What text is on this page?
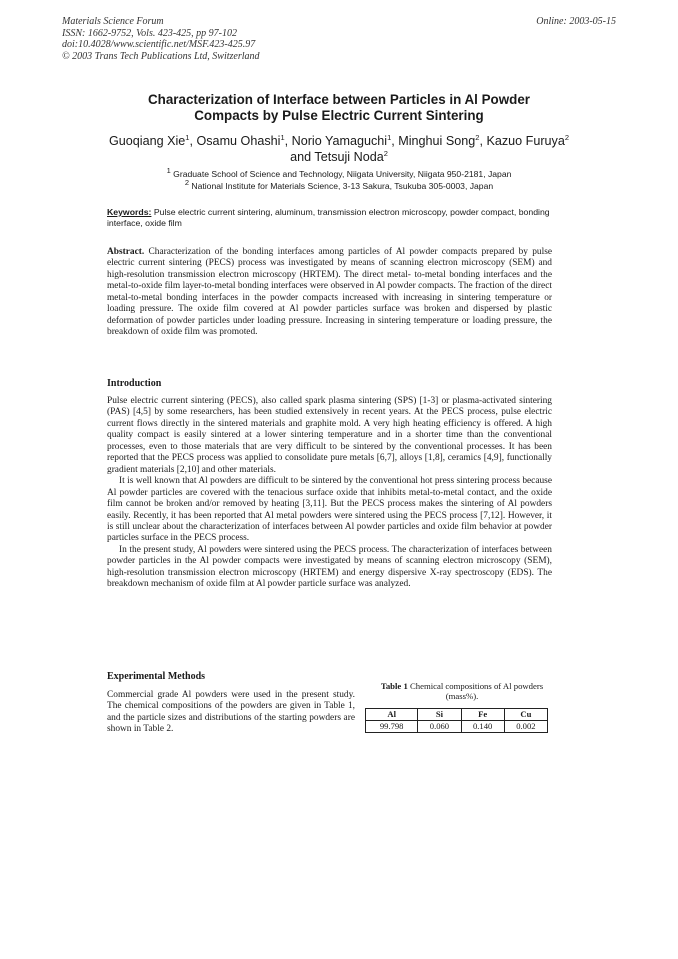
Materials Science Forum
ISSN: 1662-9752, Vols. 423-425, pp 97-102
doi:10.4028/www.scientific.net/MSF.423-425.97
© 2003 Trans Tech Publications Ltd, Switzerland
Online: 2003-05-15
Characterization of Interface between Particles in Al Powder
Compacts by Pulse Electric Current Sintering

Guoqiang Xie$^1$, Osamu Ohashi$^1$, Norio Yamaguchi$^1$, Minghui Song$^2$, Kazuo Furuya$^2$ and Tetsuji Noda$^2$

$^1$ Graduate School of Science and Technology, Niigata University, Niigata 950-2181, Japan

$^2$ National Institute for Materials Science, 3-13 Sakura, Tsukuba 305-0003, Japan

Keywords: Pulse electric current sintering, aluminum, transmission electron microscopy, powder compact, bonding interface, oxide film

Abstract. Characterization of the bonding interfaces among particles of Al powder compacts prepared by pulse electric current sintering (PECS) process was investigated by means of scanning electron microscopy (SEM) and high-resolution transmission electron microscopy (HRTEM). The direct metal- to-metal bonding interfaces and the metal-to-oxide film layer-to-metal bonding interfaces were observed in Al powder compacts. The fraction of the direct metal-to-metal bonding interfaces in the powder compacts increased with increasing in sintering temperature or loading pressure. The oxide film covered at Al powder particles surface was broken and dispersed by plastic deformation of powder particles under loading pressure. Increasing in sintering temperature or loading pressure, the breakdown of oxide film was promoted.

Introduction

Pulse electric current sintering (PECS), also called spark plasma sintering (SPS) [1-3] or plasma-activated sintering (PAS) [4,5] by some researchers, has been studied extensively in recent years. At the PECS process, pulse electric current flows directly in the sintered materials and graphite mold. A very high heating efficiency is offered. A high quality compact is easily sintered at a lower sintering temperature and in a shorter time than the conventional processes, even to those materials that are very difficult to be sintered by the conventional processes. It has been reported that the PECS process was applied to consolidate pure metals [6,7], alloys [1,8], ceramics [4,9], functionally gradient materials [2,10] and other materials.

It is well known that Al powders are difficult to be sintered by the conventional hot press sintering process because Al powder particles are covered with the tenacious surface oxide that inhibits metal-to-metal contact, and the oxide film cannot be broken and/or removed by heating [3,11]. But the PECS process makes the sintering of Al powders easily. Recently, it has been reported that Al metal powders were sintered using the PECS process [7,12]. However, it is still unclear about the characterization of interfaces between Al powder particles and oxide film behavior at powder particles surface in the PECS process.

In the present study, Al powders were sintered using the PECS process. The characterization of interfaces between powder particles in the Al powder compacts were investigated by means of scanning electron microscopy (SEM), high-resolution transmission electron microscopy (HRTEM) and energy dispersive X-ray spectroscopy (EDS). The breakdown mechanism of oxide film at Al powder particle surface was analyzed.

Experimental Methods

Commercial grade Al powders were used in the present study. The chemical compositions of the powders are given in Table 1, and the particle sizes and distributions of the starting powders are shown in Table 2.

Table 1 Chemical compositions of Al powders (mass%).

Al	Si	Fe	Cu
99.798	0.060	0.140	0.002
